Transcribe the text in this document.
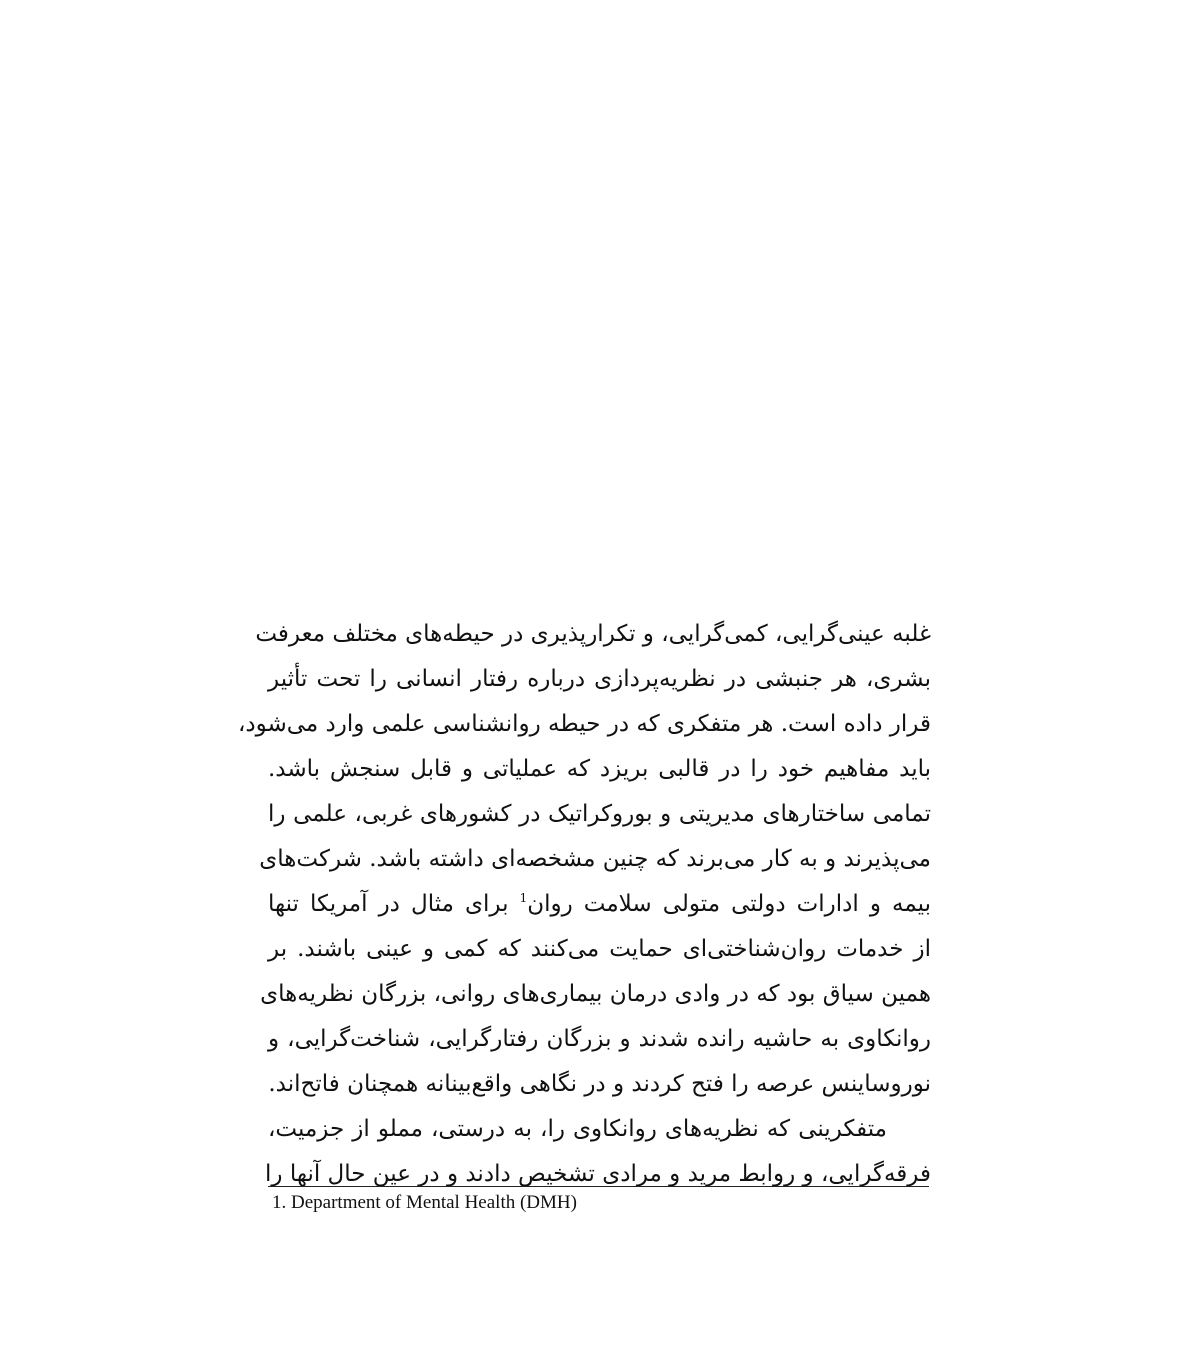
غلبه عینی‌گرایی، کمی‌گرایی، و تکرارپذیری در حیطه‌های مختلف معرفت
بشری، هر جنبشی در نظریه‌پردازی درباره رفتار انسانی را تحت تأثیر
قرار داده است. هر متفکری که در حیطه روانشناسی علمی وارد می‌شود،
باید مفاهیم خود را در قالبی بریزد که عملیاتی و قابل سنجش باشد.
تمامی ساختارهای مدیریتی و بوروکراتیک در کشورهای غربی، علمی را
می‌پذیرند و به کار می‌برند که چنین مشخصه‌ای داشته باشد. شرکت‌های
بیمه و ادارات دولتی متولی سلامت روان$^1$ برای مثال در آمریکا تنها
از خدمات روان‌شناختی‌ای حمایت می‌کنند که کمی و عینی باشند. بر
همین سیاق بود که در وادی درمان بیماری‌های روانی، بزرگان نظریه‌های
روانکاوی به حاشیه رانده شدند و بزرگان رفتارگرایی، شناخت‌گرایی، و
نوروساینس عرصه را فتح کردند و در نگاهی واقع‌بینانه همچنان فاتح‌اند.
متفکرینی که نظریه‌های روانکاوی را، به درستی، مملو از جزمیت،
فرقه‌گرایی، و روابط مرید و مرادی تشخیص دادند و در عین حال آنها را
1. Department of Mental Health (DMH)
